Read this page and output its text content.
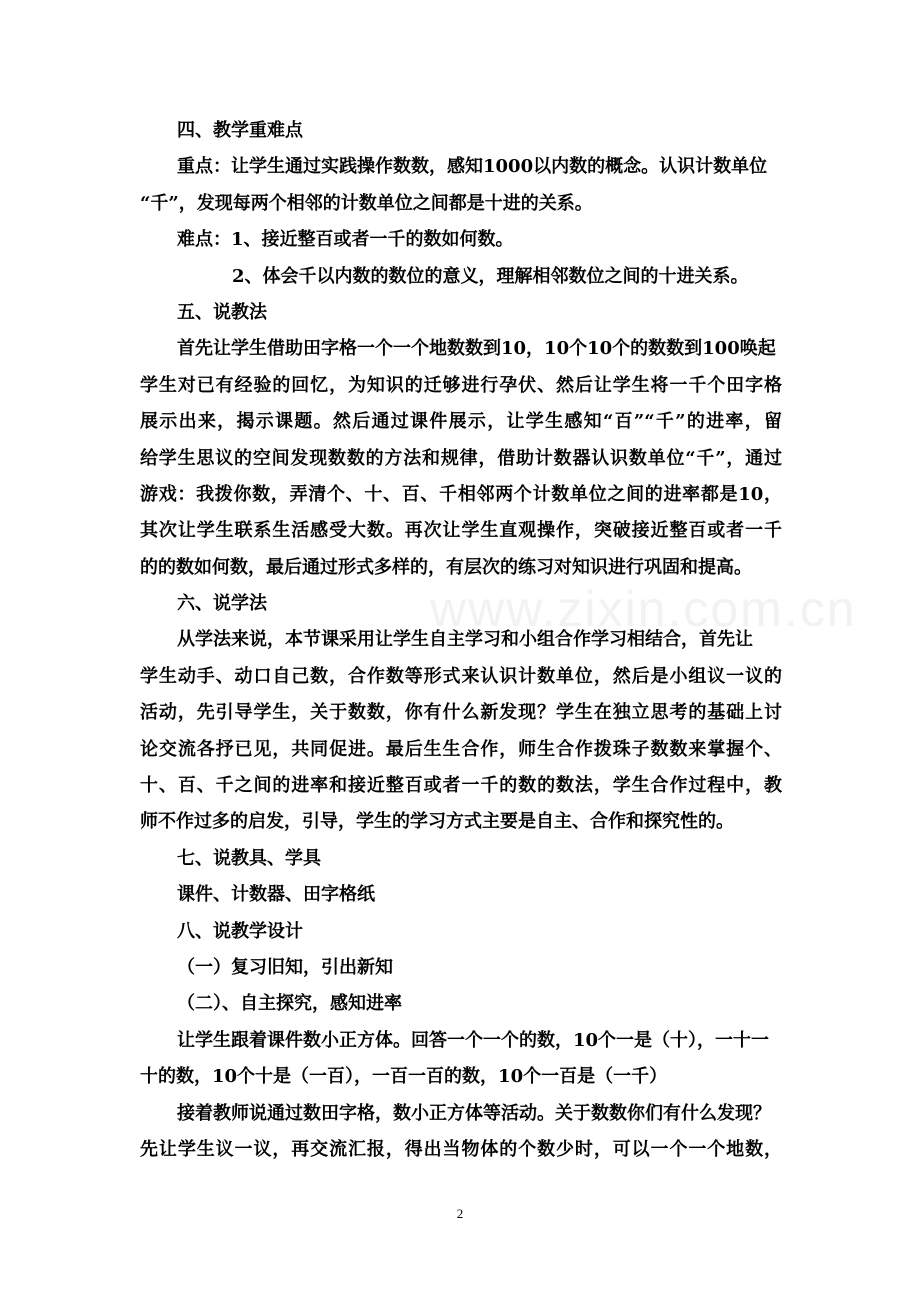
www.zixin.com.cn
四、教学重难点
重点：让学生通过实践操作数数，感知1000以内数的概念。认识计数单位
“千”，发现每两个相邻的计数单位之间都是十进的关系。
难点：1、接近整百或者一千的数如何数。
2、体会千以内数的数位的意义，理解相邻数位之间的十进关系。
五、说教法
首先让学生借助田字格一个一个地数数到10，10个10个的数数到100唤起
学生对已有经验的回忆，为知识的迁够进行孕伏、然后让学生将一千个田字格
展示出来，揭示课题。然后通过课件展示，让学生感知“百”“千”的进率，留
给学生思议的空间发现数数的方法和规律，借助计数器认识数单位“千”，通过
游戏：我拨你数，弄清个、十、百、千相邻两个计数单位之间的进率都是10，
其次让学生联系生活感受大数。再次让学生直观操作，突破接近整百或者一千
的的数如何数，最后通过形式多样的，有层次的练习对知识进行巩固和提高。
六、说学法
从学法来说，本节课采用让学生自主学习和小组合作学习相结合，首先让
学生动手、动口自己数，合作数等形式来认识计数单位，然后是小组议一议的
活动，先引导学生，关于数数，你有什么新发现？学生在独立思考的基础上讨
论交流各抒已见，共同促进。最后生生合作，师生合作拨珠子数数来掌握个、
十、百、千之间的进率和接近整百或者一千的数的数法，学生合作过程中，教
师不作过多的启发，引导，学生的学习方式主要是自主、合作和探究性的。
七、说教具、学具
课件、计数器、田字格纸
八、说教学设计
（一）复习旧知，引出新知
（二）、自主探究，感知进率
让学生跟着课件数小正方体。回答一个一个的数，10个一是（十），一十一
十的数，10个十是（一百），一百一百的数，10个一百是（一千）
接着教师说通过数田字格，数小正方体等活动。关于数数你们有什么发现？
先让学生议一议，再交流汇报，得出当物体的个数少时，可以一个一个地数，
2
